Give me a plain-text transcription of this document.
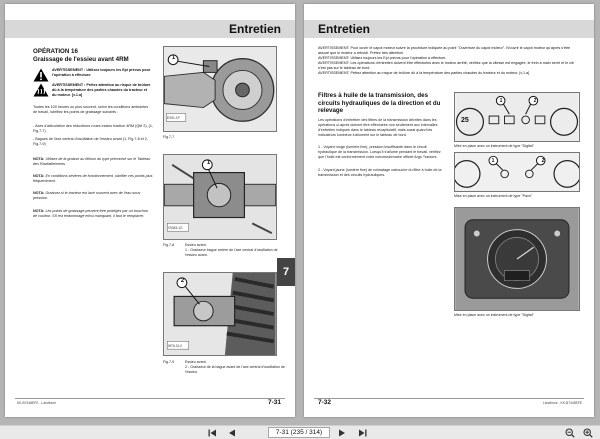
Entretien
OPÉRATION 16
Graissage de l'essieu avant 4RM
AVERTISSEMENT : Utilisez toujours les Epi prévus pour l'opération à effectuer.
AVERTISSEMENT : Prêtez attention au risque de brûlure dû à la température des parties chaudes du tracteur et du moteur. [v.1.a]
Toutes les 100 heures ou plus souvent, selon les conditions ambiantes de travail, lubrifiez les points de graissage suivants :
- Axes d'articulation des réducteurs roues essieu traction 4RM (Qté 2), (1, Fig.7-7)
- Bagues de l'axe central d'oscillation de l'essieu avant (1, Fig.7-8 et 2, Fig.7-9)
NOTA: Utilisez de la graisse au lithium du type préconisé sur le Tableau des Ravitaillements.
NOTA: En conditions sévères de fonctionnement, lubrifier ces points plus fréquemment.
NOTA: Graissez si le tracteur est lavé souvent avec de l'eau sous pression.
NOTA: Les points de graissage peuvent être protégés par un bouchon de couleur. S'il est endommagé et/ou manquant, il faut le remplacer.
1
EX91-1P
Fig.7-7
1
V9345-1G
Fig.7-8	Essieu avant.
1 - Graisseur bague arrière de l'axe central d'oscillation de l'essieu avant.
2
WT6-3J-0
Fig.7-9	Essieu avant.
2 - Graisseur de la bague avant de l'axe central d'oscillation de l'essieu.
KK-B7448EFE - Landforce	7-31
7
Entretien
AVERTISSEMENT: Pour ouvrir le capot moteur suivre la procédure indiquée au point "Ouverture du capot moteur". N'ouvrir le capot moteur qu'après s'être assuré que le moteur a refroidi. Prêtez très attention.
AVERTISSEMENT: Utilisez toujours les Epi prévus pour l'opération à effectuer.
AVERTISSEMENT: Les opérations d'entretien doivent être effectuées avec le moteur arrêté, vérifiez que la vitesse est engagée, le frein à main serré et le clé n'est pas sur le tableau de bord.
AVERTISSEMENT: Prêtez attention au risque de brûlure dû à la température des parties chaudes du tracteur et du moteur. [v.1.a]
Filtres à huile de la transmission, des circuits hydrauliques de la direction et du relevage
Les opérations d'entretien des filtres de la transmission décrites dans les opérations ci-après doivent être effectuées non seulement aux intervalles d'entretien indiqués dans le tableau récapitulatif, mais aussi quand les indicateurs lumineux s'allument sur le tableau de bord.
1 - Voyant rouge (lumière fixe), pression insuffisante dans le circuit hydraulique de la transmission. Lorsqu'il s'allume pendant le travail, vérifiez que l'huile est conformément votre concessionnaire officiel Argo Tractors.
2 - Voyant jaune (lumière fixe) de colmatage cartouche du filtre à huile de la transmission et des circuits hydrauliques.
25
1	2
Mise en place avec un instrument de type "Digital"
1	2
Mise en place avec un instrument de type "Pavo"
Mise en place avec un instrument de type "Digital"
7-32	Landforce - KK-B7448EFE
7-31 (235 / 314)
